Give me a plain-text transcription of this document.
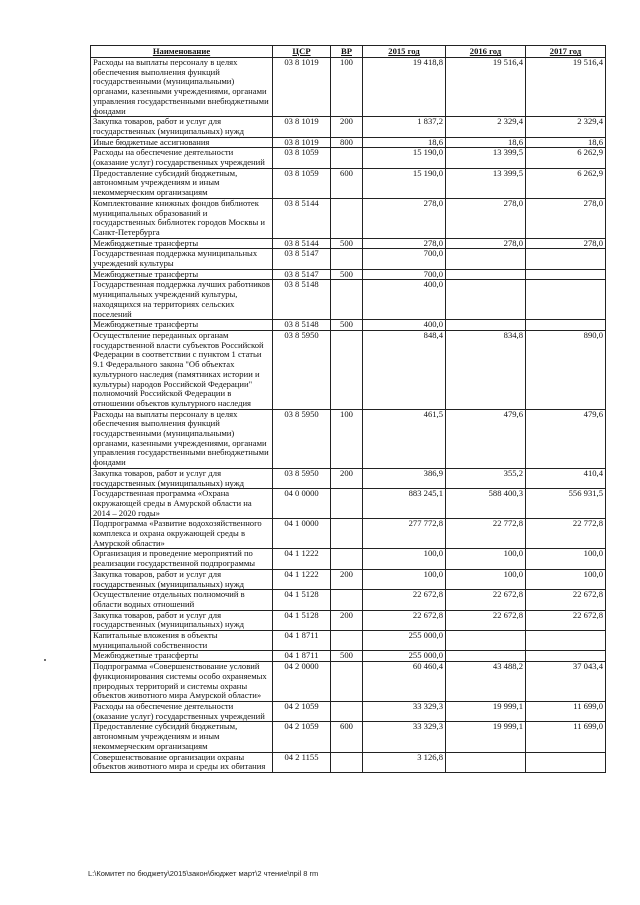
Наименование	ЦСР	ВР	2015 год	2016 год	2017 год
Расходы на выплаты персоналу в целях обеспечения выполнения функций государственными (муниципальными) органами, казенными учреждениями, органами управления государственными внебюджетными фондами	03 8 1019	100	19 418,8	19 516,4	19 516,4
Закупка товаров, работ и услуг для государственных (муниципальных) нужд	03 8 1019	200	1 837,2	2 329,4	2 329,4
Иные бюджетные ассигнования	03 8 1019	800	18,6	18,6	18,6
Расходы на обеспечение деятельности (оказание услуг) государственных учреждений	03 8 1059		15 190,0	13 399,5	6 262,9
Предоставление субсидий бюджетным, автономным учреждениям и иным некоммерческим организациям	03 8 1059	600	15 190,0	13 399,5	6 262,9
Комплектование книжных фондов библиотек муниципальных образований и государственных библиотек городов Москвы и Санкт-Петербурга	03 8 5144		278,0	278,0	278,0
Межбюджетные трансферты	03 8 5144	500	278,0	278,0	278,0
Государственная поддержка муниципальных учреждений культуры	03 8 5147		700,0		
Межбюджетные трансферты	03 8 5147	500	700,0		
Государственная поддержка лучших работников муниципальных учреждений культуры, находящихся на территориях сельских поселений	03 8 5148		400,0		
Межбюджетные трансферты	03 8 5148	500	400,0		
Осуществление переданных органам государственной власти субъектов Российской Федерации в соответствии с пунктом 1 статьи 9.1 Федерального закона "Об объектах культурного наследия (памятниках истории и культуры) народов Российской Федерации" полномочий Российской Федерации в отношении объектов культурного наследия	03 8 5950		848,4	834,8	890,0
Расходы на выплаты персоналу в целях обеспечения выполнения функций государственными (муниципальными) органами, казенными учреждениями, органами управления государственными внебюджетными фондами	03 8 5950	100	461,5	479,6	479,6
Закупка товаров, работ и услуг для государственных (муниципальных) нужд	03 8 5950	200	386,9	355,2	410,4
Государственная программа «Охрана окружающей среды в Амурской области на 2014 – 2020 годы»	04 0 0000		883 245,1	588 400,3	556 931,5
Подпрограмма «Развитие водохозяйственного комплекса и охрана окружающей среды в Амурской области»	04 1 0000		277 772,8	22 772,8	22 772,8
Организация и проведение мероприятий по реализации государственной подпрограммы	04 1 1222		100,0	100,0	100,0
Закупка товаров, работ и услуг для государственных (муниципальных) нужд	04 1 1222	200	100,0	100,0	100,0
Осуществление отдельных полномочий в области водных отношений	04 1 5128		22 672,8	22 672,8	22 672,8
Закупка товаров, работ и услуг для государственных (муниципальных) нужд	04 1 5128	200	22 672,8	22 672,8	22 672,8
Капитальные вложения в объекты муниципальной собственности	04 1 8711		255 000,0		
Межбюджетные трансферты	04 1 8711	500	255 000,0		
Подпрограмма «Совершенствование условий функционирования системы особо охраняемых природных территорий и системы охраны объектов животного мира Амурской области»	04 2 0000		60 460,4	43 488,2	37 043,4
Расходы на обеспечение деятельности (оказание услуг) государственных учреждений	04 2 1059		33 329,3	19 999,1	11 699,0
Предоставление субсидий бюджетным, автономным учреждениям и иным некоммерческим организациям	04 2 1059	600	33 329,3	19 999,1	11 699,0
Совершенствование организации охраны объектов животного мира и среды их обитания	04 2 1155		3 126,8		
L:\Комитет по бюджету\2015\закон\бюджет март\2 чтение\прil 8 rm
